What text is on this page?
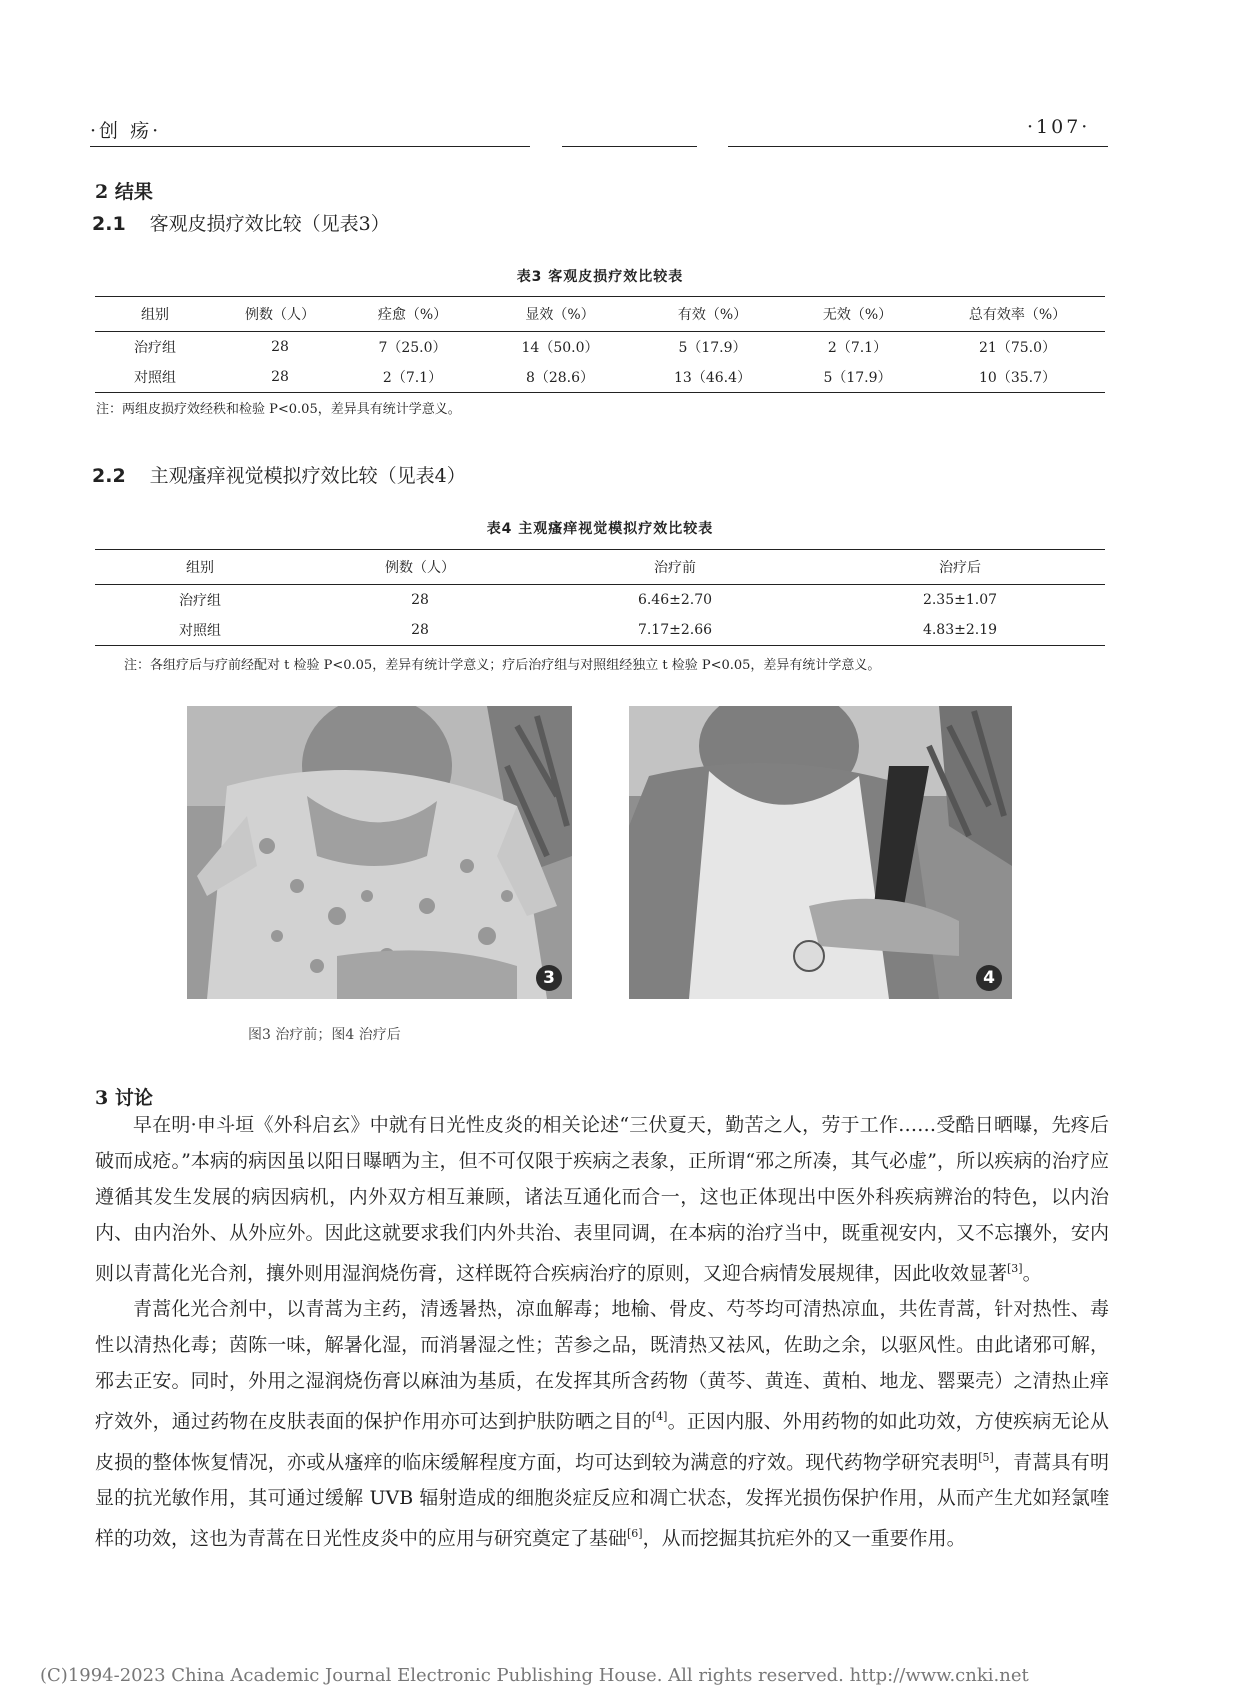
·创 疡·	·107·
2 结果
2.1 客观皮损疗效比较（见表3）
表3 客观皮损疗效比较表
组别	例数（人）	痊愈（%）	显效（%）	有效（%）	无效（%）	总有效率（%）
治疗组	28	7（25.0）	14（50.0）	5（17.9）	2（7.1）	21（75.0）
对照组	28	2（7.1）	8（28.6）	13（46.4）	5（17.9）	10（35.7）
注：两组皮损疗效经秩和检验 P<0.05，差异具有统计学意义。
2.2 主观瘙痒视觉模拟疗效比较（见表4）
表4 主观瘙痒视觉模拟疗效比较表
组别	例数（人）	治疗前	治疗后
治疗组	28	6.46±2.70	2.35±1.07
对照组	28	7.17±2.66	4.83±2.19
注：各组疗后与疗前经配对 t 检验 P<0.05，差异有统计学意义；疗后治疗组与对照组经独立 t 检验 P<0.05，差异有统计学意义。
3	4
图3 治疗前；图4 治疗后
3 讨论

早在明·申斗垣《外科启玄》中就有日光性皮炎的相关论述“三伏夏天，勤苦之人，劳于工作……受酷日晒曝，先疼后破而成疮。”本病的病因虽以阳日曝晒为主，但不可仅限于疾病之表象，正所谓“邪之所凑，其气必虚”，所以疾病的治疗应遵循其发生发展的病因病机，内外双方相互兼顾，诸法互通化而合一，这也正体现出中医外科疾病辨治的特色，以内治内、由内治外、从外应外。因此这就要求我们内外共治、表里同调，在本病的治疗当中，既重视安内，又不忘攘外，安内则以青蒿化光合剂，攘外则用湿润烧伤膏，这样既符合疾病治疗的原则，又迎合病情发展规律，因此收效显著[3]。

青蒿化光合剂中，以青蒿为主药，清透暑热，凉血解毒；地榆、骨皮、芍芩均可清热凉血，共佐青蒿，针对热性、毒性以清热化毒；茵陈一味，解暑化湿，而消暑湿之性；苦参之品，既清热又祛风，佐助之余，以驱风性。由此诸邪可解，邪去正安。同时，外用之湿润烧伤膏以麻油为基质，在发挥其所含药物（黄芩、黄连、黄柏、地龙、罂粟壳）之清热止痒疗效外，通过药物在皮肤表面的保护作用亦可达到护肤防晒之目的[4]。正因内服、外用药物的如此功效，方使疾病无论从皮损的整体恢复情况，亦或从瘙痒的临床缓解程度方面，均可达到较为满意的疗效。现代药物学研究表明[5]，青蒿具有明显的抗光敏作用，其可通过缓解 UVB 辐射造成的细胞炎症反应和凋亡状态，发挥光损伤保护作用，从而产生尤如羟氯喹样的功效，这也为青蒿在日光性皮炎中的应用与研究奠定了基础[6]，从而挖掘其抗疟外的又一重要作用。

(C)1994-2023 China Academic Journal Electronic Publishing House. All rights reserved. http://www.cnki.net
